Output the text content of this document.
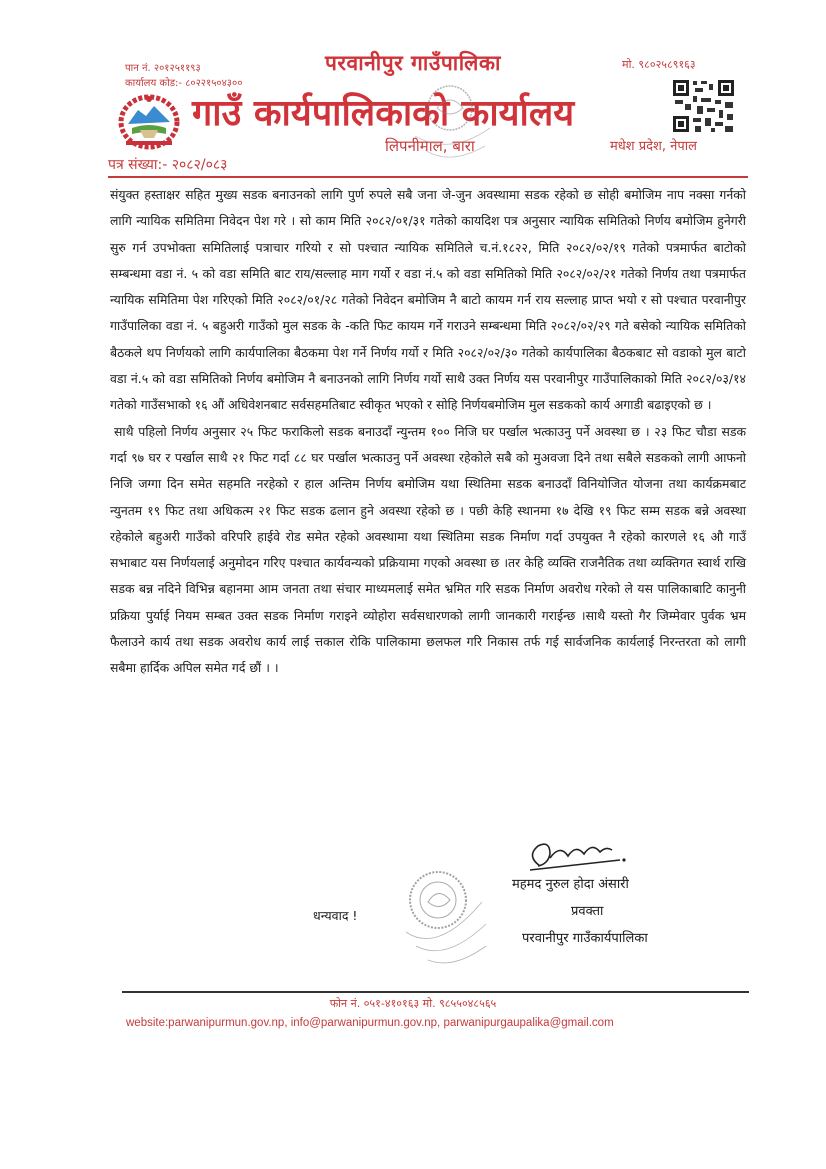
पान नं. २०१२५११९३
कार्यालय कोड:- ८०२२१५०४३००
मो. ९८०२५८९१६३
परवानीपुर गाउँपालिका
गाउँ कार्यपालिकाको कार्यालय
लिपनीमाल, बारा	मधेश प्रदेश, नेपाल
पत्र संख्या:- २०८२/०८३

संयुक्त हस्ताक्षर सहित मुख्य सडक बनाउनको लागि पुर्ण रुपले सबै जना जे-जुन अवस्थामा सडक रहेको छ सोही बमोजिम नाप नक्सा गर्नको लागि न्यायिक समितिमा निवेदन पेश गरे । सो काम मिति २०८२/०१/३१ गतेको कायदिश पत्र अनुसार न्यायिक समितिको निर्णय बमोजिम हुनेगरी सुरु गर्न उपभोक्ता समितिलाई पत्राचार गरियो र सो पश्चात न्यायिक समितिले च.नं.१८२२, मिति २०८२/०२/१९ गतेको पत्रमार्फत बाटोको सम्बन्धमा वडा नं. ५ को वडा समिति बाट राय/सल्लाह माग गर्यो र वडा नं.५ को वडा समितिको मिति २०८२/०२/२१ गतेको निर्णय तथा पत्रमार्फत न्यायिक समितिमा पेश गरिएको मिति २०८२/०१/२८ गतेको निवेदन बमोजिम नै बाटो कायम गर्न राय सल्लाह प्राप्त भयो र सो पश्चात परवानीपुर गाउँपालिका वडा नं. ५ बहुअरी गाउँको मुल सडक के -कति फिट कायम गर्ने गराउने सम्बन्धमा मिति २०८२/०२/२९ गते बसेको न्यायिक समितिको बैठकले थप निर्णयको लागि कार्यपालिका बैठकमा पेश गर्ने निर्णय गर्यो र मिति २०८२/०२/३० गतेको कार्यपालिका बैठकबाट सो वडाको मुल बाटो वडा नं.५ को वडा समितिको निर्णय बमोजिम नै बनाउनको लागि निर्णय गर्यो साथै उक्त निर्णय यस परवानीपुर गाउँपालिकाको मिति २०८२/०३/१४ गतेको गाउँसभाको १६ औं अधिवेशनबाट सर्वसहमतिबाट स्वीकृत भएको र सोहि निर्णयबमोजिम मुल सडकको कार्य अगाडी बढाइएको छ ।

साथै पहिलो निर्णय अनुसार २५ फिट फराकिलो सडक बनाउदाँ न्युन्तम १०० निजि घर पर्खाल भत्काउनु पर्ने अवस्था छ । २३ फिट चौडा सडक गर्दा ९७ घर र पर्खाल साथै २१ फिट गर्दा ८८ घर पर्खाल भत्काउनु पर्ने अवस्था रहेकोले सबै को मुअवजा दिने तथा सबैले सडकको लागी आफनो निजि जग्गा दिन समेत सहमति नरहेको र हाल अन्तिम निर्णय बमोजिम यथा स्थितिमा सडक बनाउदाँ विनियोजित योजना तथा कार्यक्रमबाट न्युनतम १९ फिट तथा अधिकत्म २१ फिट सडक ढलान हुने अवस्था रहेको छ । पछी केहि स्थानमा १७ देखि १९ फिट सम्म सडक बन्ने अवस्था रहेकोले बहुअरी गाउँको वरिपरि हाईवे रोड समेत रहेको अवस्थामा यथा स्थितिमा सडक निर्माण गर्दा उपयुक्त नै रहेको कारणले १६ औ गाउँ सभाबाट यस निर्णयलाई अनुमोदन गरिए पश्चात कार्यवन्यको प्रक्रियामा गएको अवस्था छ ।तर केहि व्यक्ति राजनैतिक तथा व्यक्तिगत स्वार्थ राखि सडक बन्न नदिने विभिन्न बहानमा आम जनता तथा संचार माध्यमलाई समेत भ्रमित गरि सडक निर्माण अवरोध गरेको ले यस पालिकाबाटि कानुनी प्रक्रिया पुर्याई नियम सम्बत उक्त सडक निर्माण गराइने व्योहोरा सर्वसधारणको लागी जानकारी गराईन्छ ।साथै यस्तो गैर जिम्मेवार पुर्वक भ्रम फैलाउने कार्य तथा सडक अवरोध कार्य लाई त्तकाल रोकि पालिकामा छलफल गरि निकास तर्फ गई सार्वजनिक कार्यलाई निरन्तरता को लागी सबैमा हार्दिक अपिल समेत गर्द छौं । ।

महमद नुरुल होदा अंसारी
प्रवक्ता
परवानीपुर गाउँकार्यपालिका
धन्यवाद !
फोन नं. ०५१-४१०१६३ मो. ९८५५०४८५६५
website:parwanipurmun.gov.np, info@parwanipurmun.gov.np, parwanipurgaupalika@gmail.com
